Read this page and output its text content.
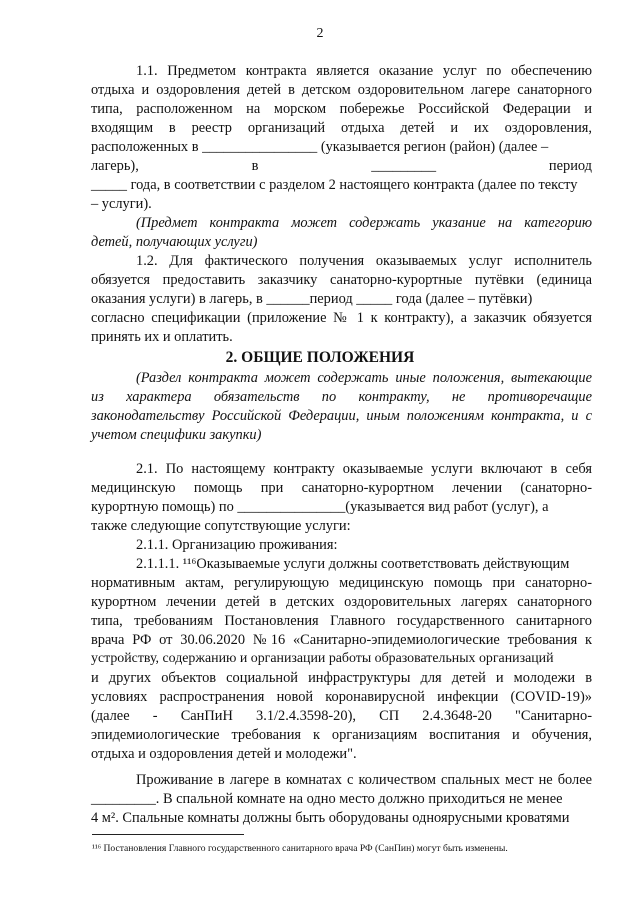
2
1.1. Предметом контракта является оказание услуг по обеспечению
отдыха и оздоровления детей в детском оздоровительном лагере санаторного
типа, расположенном на морском побережье Российской Федерации и
входящим в реестр организаций отдыха детей и их оздоровления,
расположенных в ________________ (указывается регион (район) (далее –
лагерь), в _________ период
_____ года, в соответствии с разделом 2 настоящего контракта (далее по тексту
– услуги).
(Предмет контракта может содержать указание на категорию
детей, получающих услуги)
1.2. Для фактического получения оказываемых услуг исполнитель
обязуется предоставить заказчику санаторно-курортные путёвки (единица
оказания услуги) в лагерь, в ______период _____ года (далее – путёвки)
согласно спецификации (приложение № 1 к контракту), а заказчик обязуется
принять их и оплатить.
2. ОБЩИЕ ПОЛОЖЕНИЯ
(Раздел контракта может содержать иные положения, вытекающие
из характера обязательств по контракту, не противоречащие
законодательству Российской Федерации, иным положениям контракта, и с
учетом специфики закупки)
2.1. По настоящему контракту оказываемые услуги включают в себя
медицинскую помощь при санаторно-курортном лечении (санаторно-
курортную помощь) по _______________(указывается вид работ (услуг), а
также следующие сопутствующие услуги:
2.1.1. Организацию проживания:
2.1.1.1. ¹¹⁶Оказываемые услуги должны соответствовать действующим
нормативным актам, регулирующую медицинскую помощь при санаторно-
курортном лечении детей в детских оздоровительных лагерях санаторного
типа, требованиям Постановления Главного государственного санитарного
врача РФ от 30.06.2020 №16 «Санитарно-эпидемиологические требования к
устройству, содержанию и организации работы образовательных организаций
и других объектов социальной инфраструктуры для детей и молодежи в
условиях распространения новой коронавирусной инфекции (COVID-19)»
(далее - СанПиН 3.1/2.4.3598-20), СП 2.4.3648-20 "Санитарно-
эпидемиологические требования к организациям воспитания и обучения,
отдыха и оздоровления детей и молодежи".
Проживание в лагере в комнатах с количеством спальных мест не более
_________. В спальной комнате на одно место должно приходиться не менее
4 м². Спальные комнаты должны быть оборудованы одноярусными кроватями
¹¹⁶ Постановления Главного государственного санитарного врача РФ (СанПин) могут быть изменены.
